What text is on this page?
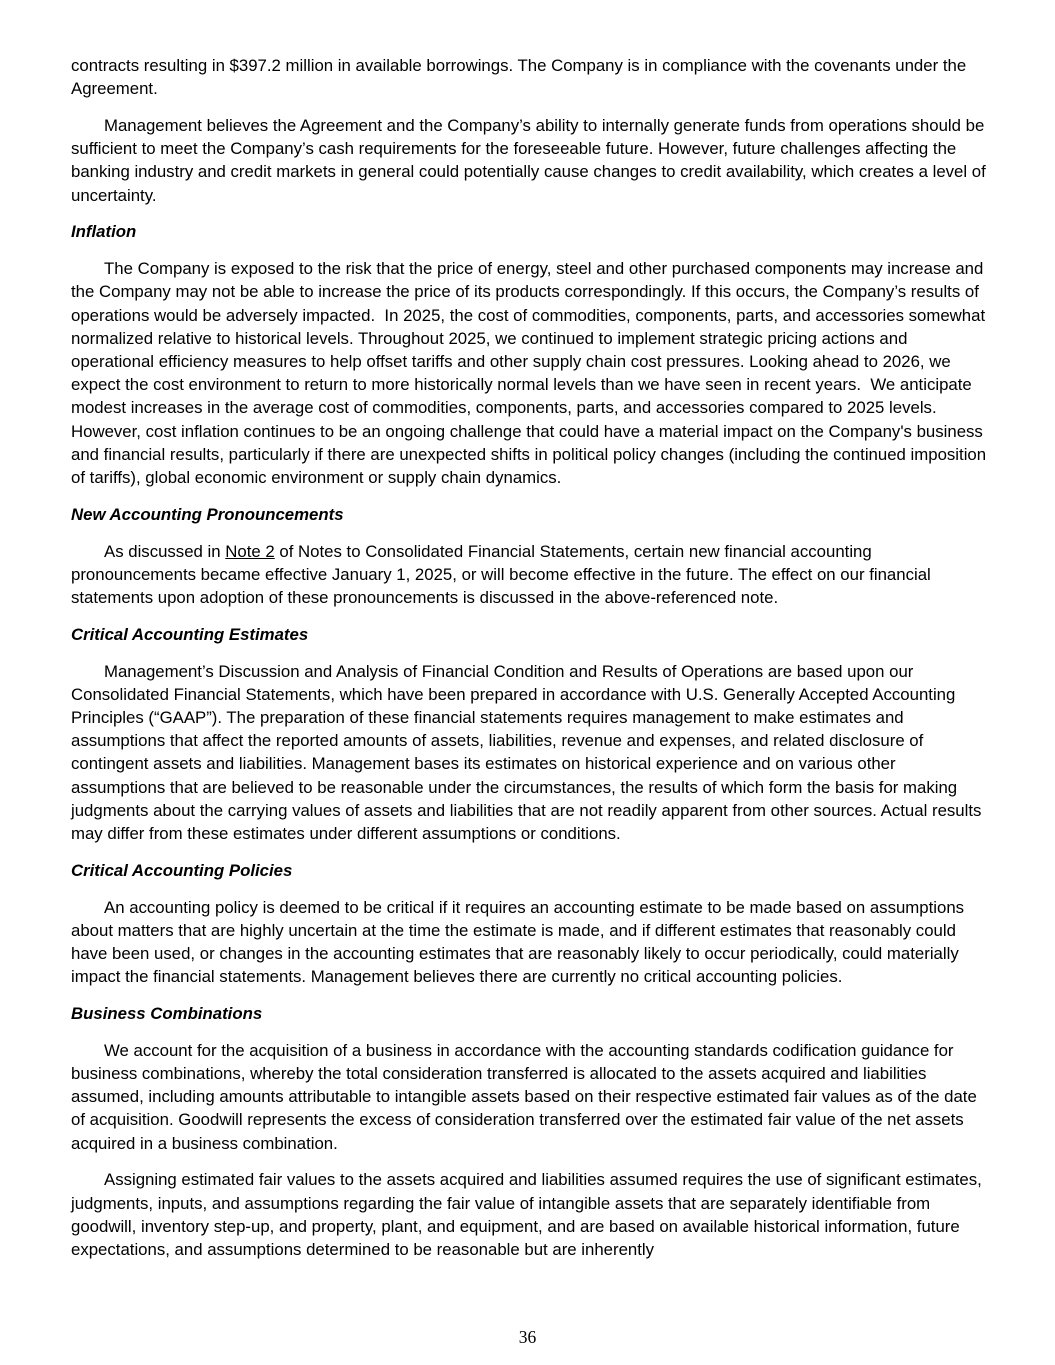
contracts resulting in $397.2 million in available borrowings. The Company is in compliance with the covenants under the Agreement.

Management believes the Agreement and the Company’s ability to internally generate funds from operations should be sufficient to meet the Company’s cash requirements for the foreseeable future. However, future challenges affecting the banking industry and credit markets in general could potentially cause changes to credit availability, which creates a level of uncertainty.

Inflation

The Company is exposed to the risk that the price of energy, steel and other purchased components may increase and the Company may not be able to increase the price of its products correspondingly. If this occurs, the Company’s results of operations would be adversely impacted.  In 2025, the cost of commodities, components, parts, and accessories somewhat normalized relative to historical levels. Throughout 2025, we continued to implement strategic pricing actions and operational efficiency measures to help offset tariffs and other supply chain cost pressures. Looking ahead to 2026, we expect the cost environment to return to more historically normal levels than we have seen in recent years.  We anticipate modest increases in the average cost of commodities, components, parts, and accessories compared to 2025 levels. However, cost inflation continues to be an ongoing challenge that could have a material impact on the Company's business and financial results, particularly if there are unexpected shifts in political policy changes (including the continued imposition of tariffs), global economic environment or supply chain dynamics.

New Accounting Pronouncements

As discussed in Note 2 of Notes to Consolidated Financial Statements, certain new financial accounting pronouncements became effective January 1, 2025, or will become effective in the future. The effect on our financial statements upon adoption of these pronouncements is discussed in the above-referenced note.

Critical Accounting Estimates

Management’s Discussion and Analysis of Financial Condition and Results of Operations are based upon our Consolidated Financial Statements, which have been prepared in accordance with U.S. Generally Accepted Accounting Principles (“GAAP”). The preparation of these financial statements requires management to make estimates and assumptions that affect the reported amounts of assets, liabilities, revenue and expenses, and related disclosure of contingent assets and liabilities. Management bases its estimates on historical experience and on various other assumptions that are believed to be reasonable under the circumstances, the results of which form the basis for making judgments about the carrying values of assets and liabilities that are not readily apparent from other sources. Actual results may differ from these estimates under different assumptions or conditions.

Critical Accounting Policies

An accounting policy is deemed to be critical if it requires an accounting estimate to be made based on assumptions about matters that are highly uncertain at the time the estimate is made, and if different estimates that reasonably could have been used, or changes in the accounting estimates that are reasonably likely to occur periodically, could materially impact the financial statements. Management believes there are currently no critical accounting policies.

Business Combinations

We account for the acquisition of a business in accordance with the accounting standards codification guidance for business combinations, whereby the total consideration transferred is allocated to the assets acquired and liabilities assumed, including amounts attributable to intangible assets based on their respective estimated fair values as of the date of acquisition. Goodwill represents the excess of consideration transferred over the estimated fair value of the net assets acquired in a business combination.

Assigning estimated fair values to the assets acquired and liabilities assumed requires the use of significant estimates, judgments, inputs, and assumptions regarding the fair value of intangible assets that are separately identifiable from goodwill, inventory step-up, and property, plant, and equipment, and are based on available historical information, future expectations, and assumptions determined to be reasonable but are inherently

36
